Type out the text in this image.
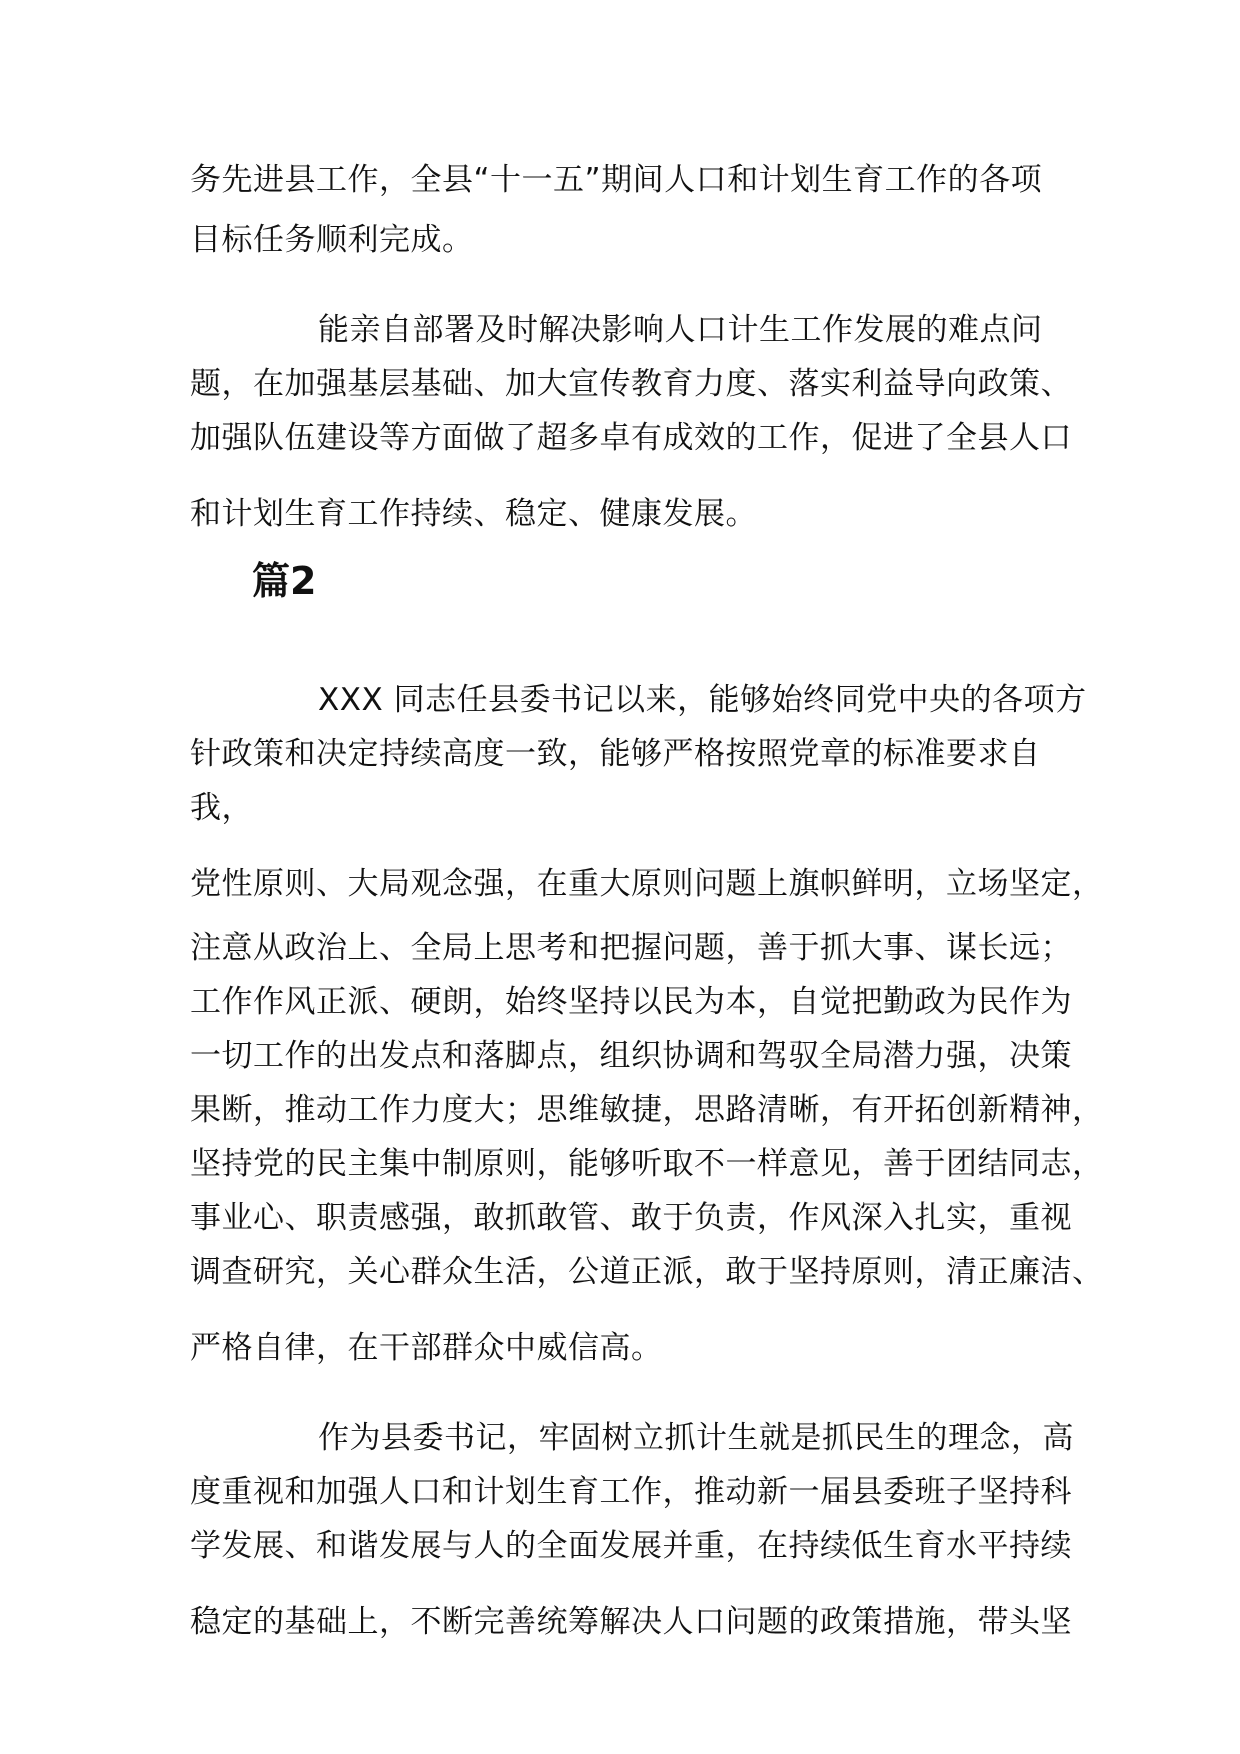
务先进县工作，全县“十一五”期间人口和计划生育工作的各项

目标任务顺利完成。

能亲自部署及时解决影响人口计生工作发展的难点问

题，在加强基层基础、加大宣传教育力度、落实利益导向政策、

加强队伍建设等方面做了超多卓有成效的工作，促进了全县人口

和计划生育工作持续、稳定、健康发展。

篇2

XXX 同志任县委书记以来，能够始终同党中央的各项方

针政策和决定持续高度一致，能够严格按照党章的标准要求自

我，

党性原则、大局观念强，在重大原则问题上旗帜鲜明，立场坚定，

注意从政治上、全局上思考和把握问题，善于抓大事、谋长远；

工作作风正派、硬朗，始终坚持以民为本，自觉把勤政为民作为

一切工作的出发点和落脚点，组织协调和驾驭全局潜力强，决策

果断，推动工作力度大；思维敏捷，思路清晰，有开拓创新精神，

坚持党的民主集中制原则，能够听取不一样意见，善于团结同志，

事业心、职责感强，敢抓敢管、敢于负责，作风深入扎实，重视

调查研究，关心群众生活，公道正派，敢于坚持原则，清正廉洁、

严格自律，在干部群众中威信高。

作为县委书记，牢固树立抓计生就是抓民生的理念，高

度重视和加强人口和计划生育工作，推动新一届县委班子坚持科

学发展、和谐发展与人的全面发展并重，在持续低生育水平持续

稳定的基础上，不断完善统筹解决人口问题的政策措施，带头坚
